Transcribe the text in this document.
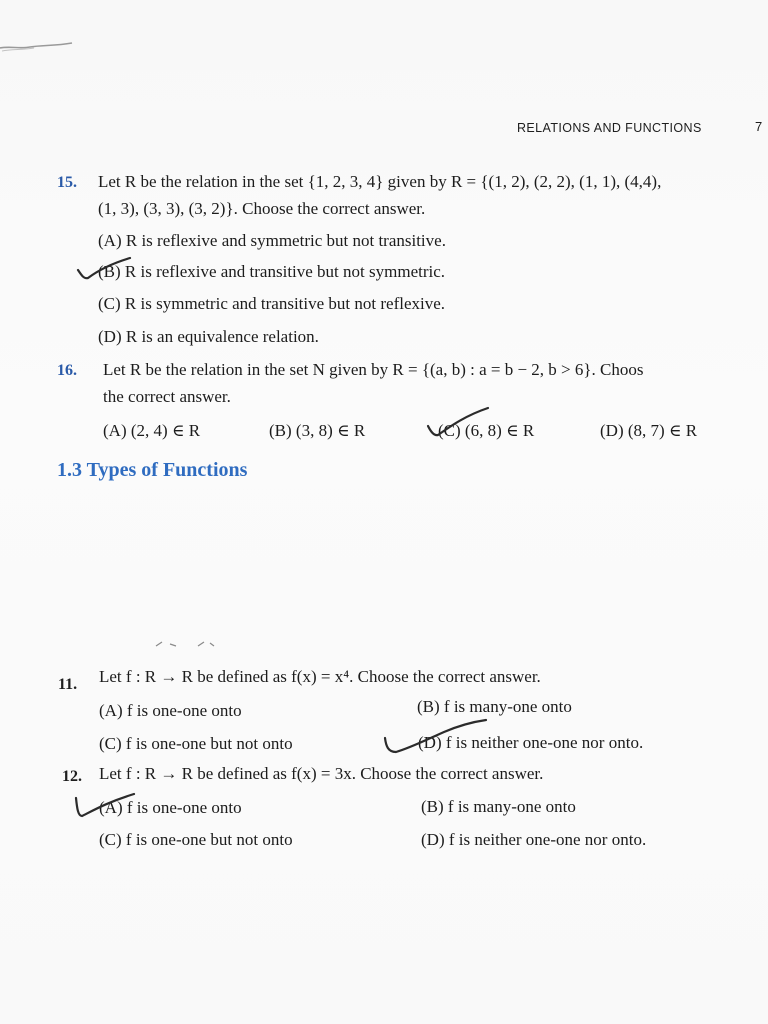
RELATIONS AND FUNCTIONS	7
15. Let R be the relation in the set {1, 2, 3, 4} given by R = {(1, 2), (2, 2), (1, 1), (4,4),
(1, 3), (3, 3), (3, 2)}. Choose the correct answer.
(A) R is reflexive and symmetric but not transitive.
(B) R is reflexive and transitive but not symmetric.
(C) R is symmetric and transitive but not reflexive.
(D) R is an equivalence relation.
16. Let R be the relation in the set N given by R = {(a, b) : a = b − 2, b > 6}. Choos
the correct answer.
(A) (2, 4) ∈ R	(B) (3, 8) ∈ R	(C) (6, 8) ∈ R	(D) (8, 7) ∈ R
1.3 Types of Functions
11. Let f : R → R be defined as f(x) = x⁴. Choose the correct answer.
(A) f is one-one onto	(B) f is many-one onto
(C) f is one-one but not onto	(D) f is neither one-one nor onto.
12. Let f : R → R be defined as f(x) = 3x. Choose the correct answer.
(A) f is one-one onto	(B) f is many-one onto
(C) f is one-one but not onto	(D) f is neither one-one nor onto.
